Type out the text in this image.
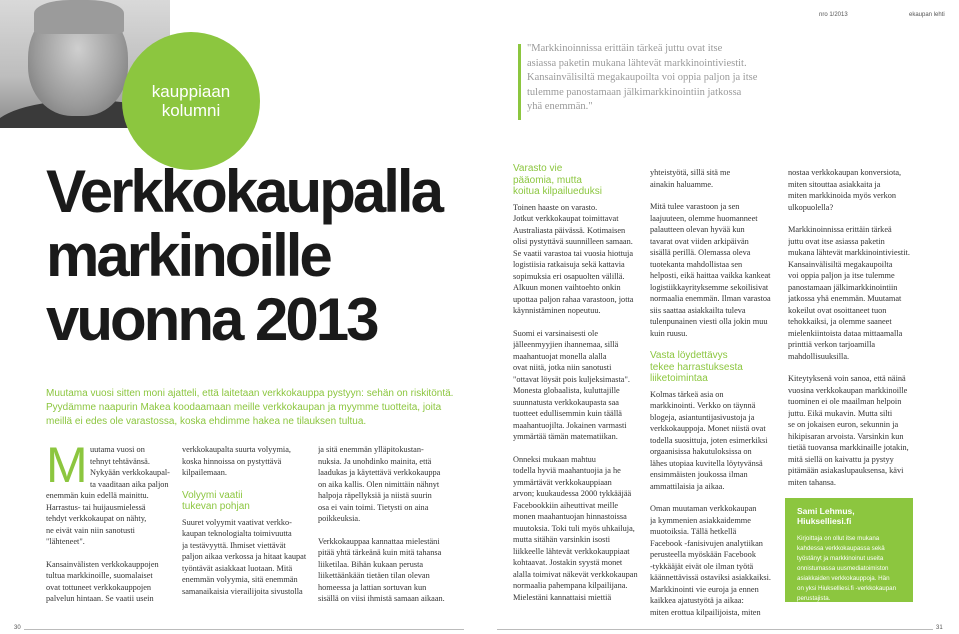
kauppiaan
kolumni
nro 1/2013	ekaupan lehti
"Markkinoinnissa erittäin tärkeä juttu ovat itse
asiassa paketin mukana lähtevät markkinointiviestit.
Kansainvälisiltä megakaupoilta voi oppia paljon ja itse
tulemme panostamaan jälkimarkkinointiin jatkossa
yhä enemmän."
Verkkokaupalla
markinoille
vuonna 2013
Muutama vuosi sitten moni ajatteli, että laitetaan verkkokauppa pystyyn: sehän on riskitöntä.
Pyydämme naapurin Makea koodaamaan meille verkkokaupan ja myymme tuotteita, joita
meillä ei edes ole varastossa, koska ehdimme hakea ne tilauksen tultua.
M uutama vuosi on
tehnyt tehtävänsä.
Nykyään verkkokaupal-
ta vaaditaan aika paljon
enemmän kuin edellä mainittu.
Harrastus- tai huijausmielessä
tehdyt verkkokaupat on nähty,
ne eivät vain niin sanotusti
"lähteneet".

Kansainvälisten verkkokauppojen
tultua markkinoille, suomalaiset
ovat tottuneet verkkokauppojen
palvelun hintaan. Se vaatii usein

verkkokaupalta suurta volyymia,
koska hinnoissa on pystyttävä
kilpailemaan.

Volyymi vaatii
tukevan pohjan

Suuret volyymit vaativat verkko-
kaupan teknologialta toimivuutta
ja testävyyttä. Ihmiset viettävät
paljon aikaa verkossa ja hitaat kaupat
työntävät asiakkaat luotaan. Mitä
enemmän volyymia, sitä enemmän
samanaikaisia vierailijoita sivustolla

ja sitä enemmän ylläpitokustan-
nuksia. Ja unohdinko mainita, että
laadukas ja käytettävä verkkokauppa
on aika kallis. Olen nimittäin nähnyt
halpoja räpellyksiä ja niistä suurin
osa ei vain toimi. Tietysti on aina
poikkeuksia.

Verkkokauppaa kannattaa mielestäni
pitää yhtä tärkeänä kuin mitä tahansa
liiketilaa. Bihän kukaan perusta
liikettäänkään tietäen tilan olevan
homeessa ja lattian sortuvan kun
sisällä on viisi ihmistä samaan aikaan.

Varasto vie
pääomia, mutta
koitua kilpailueduksi

Toinen haaste on varasto.
Jotkut verkkokaupat toimittavat
Australiasta päivässä. Kotimaisen
olisi pystyttävä suunnilleen samaan.
Se vaatii varastoa tai vuosia hiottuja
logistiisia ratkaisuja sekä kattavia
sopimuksia eri osapuolten välillä.
Alkuun monen vaihtoehto onkin
upottaa paljon rahaa varastoon, jotta
käynnistäminen nopeutuu.

Suomi ei varsinaisesti ole
jälleenmyyjien ihannemaa, sillä
maahantuojat monella alalla
ovat niitä, jotka niin sanotusti
"ottavat löysät pois kuljeksimasta".
Monesta globaalista, kuluttajille
suunnatusta verkkokaupasta saa
tuotteet edullisemmin kuin täällä
maahantuojilta. Jokainen varmasti
ymmärtää tämän matematiikan.

Onneksi mukaan mahtuu
todella hyviä maahantuojia ja he
ymmärtävät verkkokauppiaan
arvon; kuukaudessa 2000 tykkääjää
Facebookkiin aiheuttivat meille
monen maahantuojan hinnastoissa
muutoksia. Toki tuli myös uhkailuja,
mutta sitähän varsinkin isosti
liikkeelle lähtevät verkkokauppiaat
kohtaavat. Jostakin syystä monet
alalla toimivat näkevät verkkokaupan
normaalia pahempana kilpailijana.
Mielestäni kannattaisi miettiä

yhteistyötä, sillä sitä me
ainakin haluamme.

Mitä tulee varastoon ja sen
laajuuteen, olemme huomanneet
palautteen olevan hyvää kun
tavarat ovat viiden arkipäivän
sisällä perillä. Olemassa oleva
tuotekanta mahdollistaa sen
helposti, eikä haittaa vaikka kankeat
logistiikkayrityksemme sekoilisivat
normaalia enemmän. Ilman varastoa
siis saattaa asiakkailta tuleva
tulenpunainen viesti olla jokin muu
kuin ruusu.

Vasta löydettävys
tekee harrastuksesta
liiketoimintaa

Kolmas tärkeä asia on
markkinointi. Verkko on täynnä
blogeja, asiantuntijasivustoja ja
verkkokauppoja. Monet niistä ovat
todella suosittuja, joten esimerkiksi
orgaanisissa hakutuloksissa on
lähes utopiaa kuvitella löytyvänsä
ensimmäisten joukossa ilman
ammattilaisia ja aikaa.

Oman muutaman verkkokaupan
ja kymmenien asiakkaidemme
muotoiksia. Tällä hetkellä
Facebook -fanisivujen analytiikan
perusteella myöskään Facebook
-tykkääjät eivät ole ilman työtä
käännettävissä ostaviksi asiakkaiksi.
Markkinointi vie euroja ja ennen
kaikkea ajatustyötä ja aikaa:
miten erottua kilpailijoista, miten

nostaa verkkokaupan konversiota,
miten sitouttaa asiakkaita ja
miten markkinoida myös verkon
ulkopuolella?

Markkinoinnissa erittäin tärkeä
juttu ovat itse asiassa paketin
mukana lähtevät markkinointiviestit.
Kansainvälisiltä megakaupoilta
voi oppia paljon ja itse tulemme
panostamaan jälkimarkkinointiin
jatkossa yhä enemmän. Muutamat
kokeilut ovat osoittaneet tuon
tehokkaiksi, ja olemme saaneet
mielenkiintoista dataa mittaamalla
printtiä verkon tarjoamilla
mahdollisuuksilla.

Kiteytyksenä voin sanoa, että näinä
vuosina verkkokaupan markkinoille
tuominen ei ole maailman helpoin
juttu. Eikä mukavin. Mutta silti
se on jokaisen euron, sekunnin ja
hikipisaran arvoista. Varsinkin kun
tietää tuovansa markkinaille jotakin,
mitä siellä on kaivattu ja pystyy
pitämään asiakaslupauksensa, kävi
miten tahansa.

Sami Lehmus, Hiukselliesi.fi
Kirjoittaja on ollut itse mukana
kahdessa verkkokaupassa sekä
työstänyt ja markkinoinut useita
onnistumassa uusmediatoimiston
asiakkaiden verkkokauppoja. Hän
on yksi Hiukselliesi.fi -verkkokaupan
perustajista.
30	31
